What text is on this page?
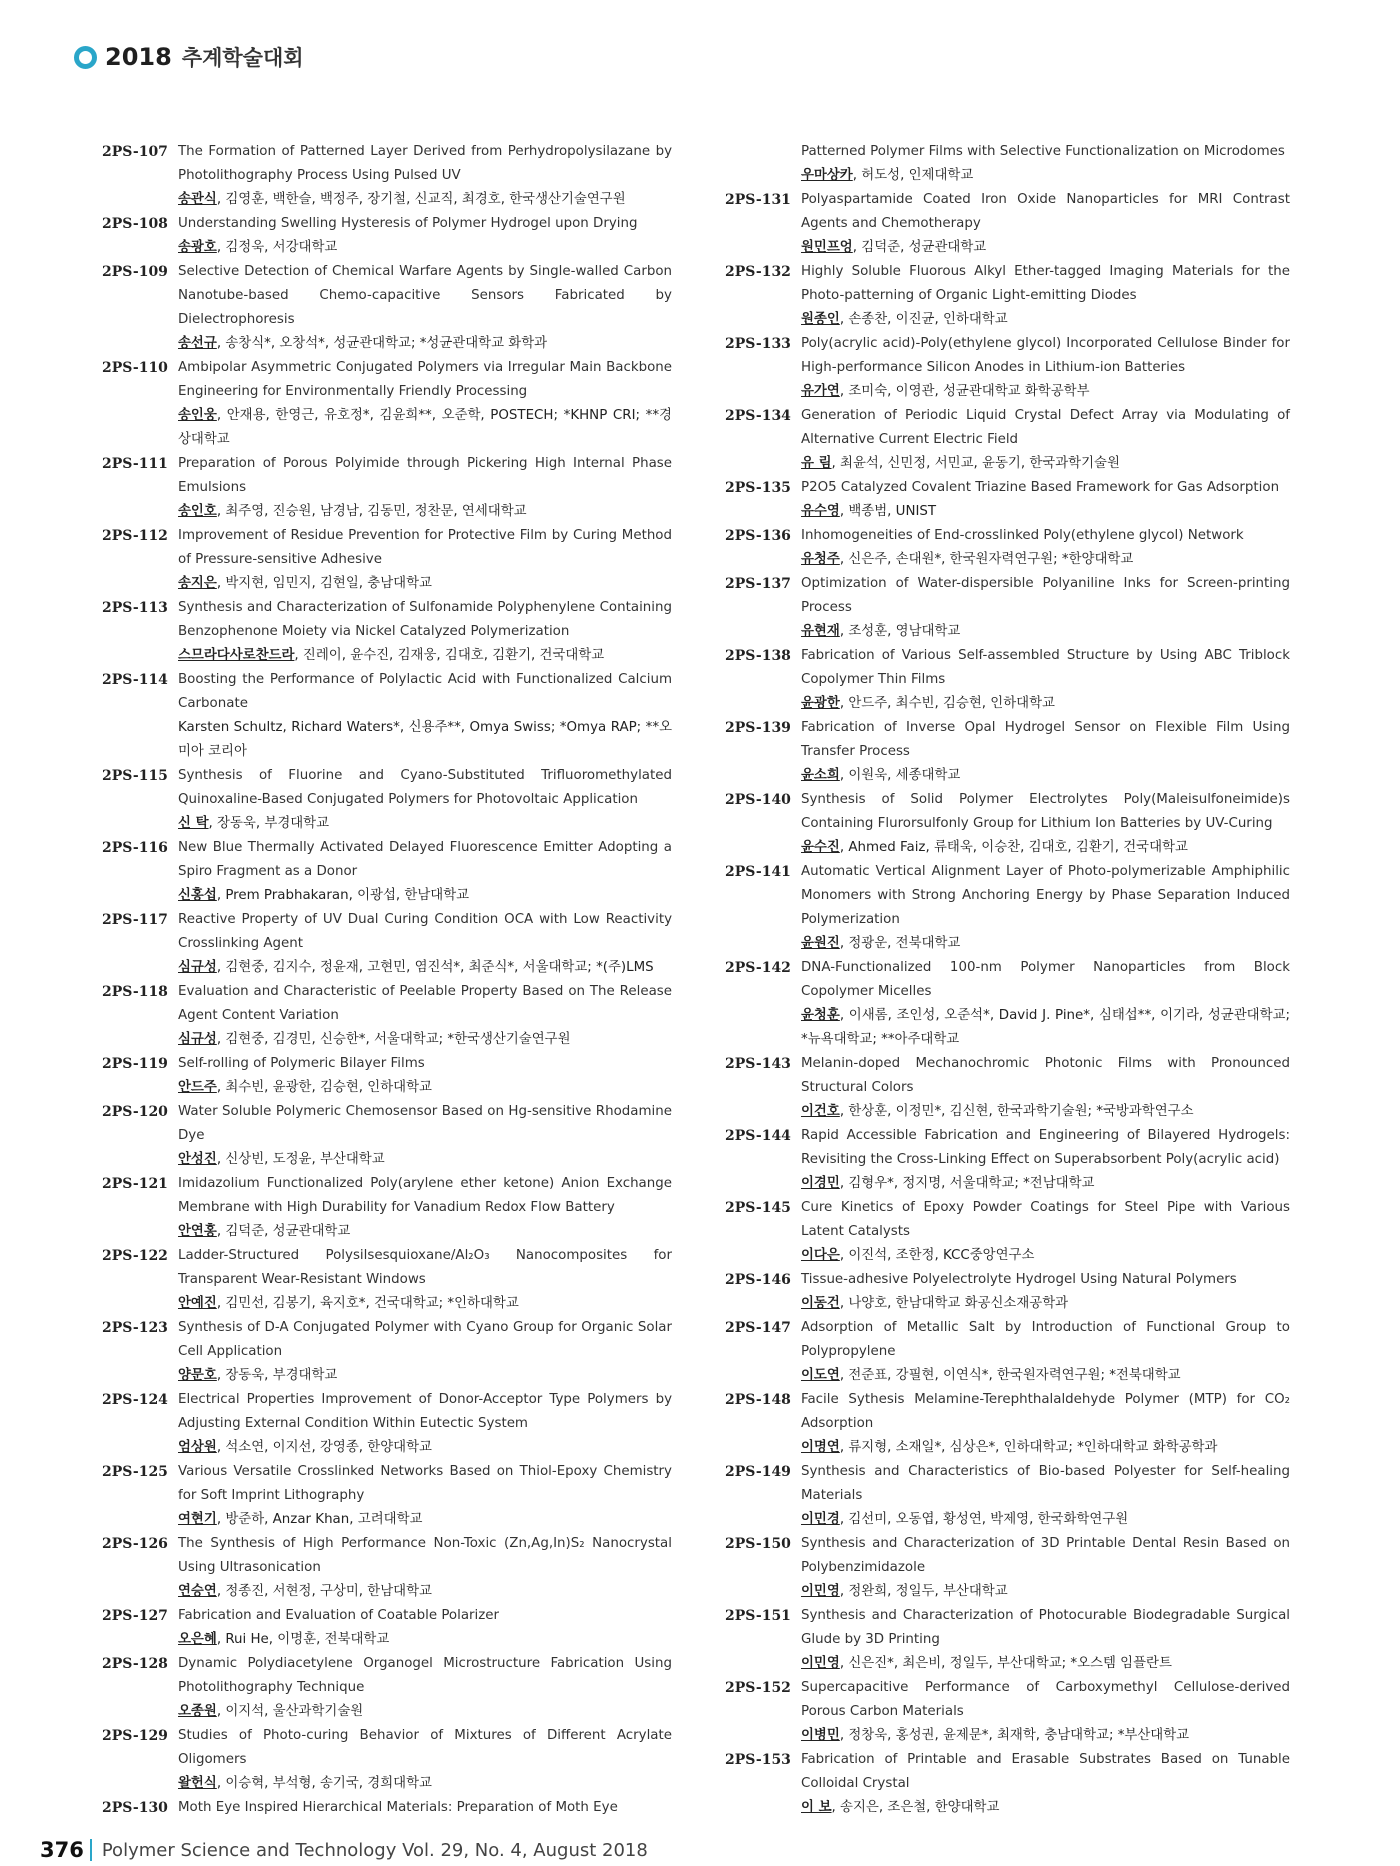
2018 추계학술대회
2PS-107 The Formation of Patterned Layer Derived from Perhydropolysilazane by Photolithography Process Using Pulsed UV
송관식, 김영훈, 백한슬, 백정주, 장기철, 신교직, 최경호, 한국생산기술연구원
2PS-108 Understanding Swelling Hysteresis of Polymer Hydrogel upon Drying
송광호, 김정욱, 서강대학교
2PS-109 Selective Detection of Chemical Warfare Agents by Single-walled Carbon Nanotube-based Chemo-capacitive Sensors Fabricated by Dielectrophoresis
송선규, 송창식*, 오창석*, 성균관대학교; *성균관대학교 화학과
2PS-110 Ambipolar Asymmetric Conjugated Polymers via Irregular Main Backbone Engineering for Environmentally Friendly Processing
송인웅, 안재용, 한영근, 유호정*, 김윤희**, 오준학, POSTECH; *KHNP CRI; **경상대학교
2PS-111 Preparation of Porous Polyimide through Pickering High Internal Phase Emulsions
송인호, 최주영, 진승원, 남경남, 김동민, 정찬문, 연세대학교
2PS-112 Improvement of Residue Prevention for Protective Film by Curing Method of Pressure-sensitive Adhesive
송지은, 박지현, 임민지, 김현일, 충남대학교
2PS-113 Synthesis and Characterization of Sulfonamide Polyphenylene Containing Benzophenone Moiety via Nickel Catalyzed Polymerization
스므라다사로찬드라, 진레이, 윤수진, 김재웅, 김대호, 김환기, 건국대학교
2PS-114 Boosting the Performance of Polylactic Acid with Functionalized Calcium Carbonate
Karsten Schultz, Richard Waters*, 신용주**, Omya Swiss; *Omya RAP; **오미아 코리아
2PS-115 Synthesis of Fluorine and Cyano-Substituted Trifluoromethylated Quinoxaline-Based Conjugated Polymers for Photovoltaic Application
신 탁, 장동욱, 부경대학교
2PS-116 New Blue Thermally Activated Delayed Fluorescence Emitter Adopting a Spiro Fragment as a Donor
신홍섭, Prem Prabhakaran, 이광섭, 한남대학교
2PS-117 Reactive Property of UV Dual Curing Condition OCA with Low Reactivity Crosslinking Agent
심규성, 김현중, 김지수, 정윤재, 고현민, 염진석*, 최준식*, 서울대학교; *(주)LMS
2PS-118 Evaluation and Characteristic of Peelable Property Based on The Release Agent Content Variation
심규성, 김현중, 김경민, 신승한*, 서울대학교; *한국생산기술연구원
2PS-119 Self-rolling of Polymeric Bilayer Films
안드주, 최수빈, 윤광한, 김승현, 인하대학교
2PS-120 Water Soluble Polymeric Chemosensor Based on Hg-sensitive Rhodamine Dye
안성진, 신상빈, 도정윤, 부산대학교
2PS-121 Imidazolium Functionalized Poly(arylene ether ketone) Anion Exchange Membrane with High Durability for Vanadium Redox Flow Battery
안연홍, 김덕준, 성균관대학교
2PS-122 Ladder-Structured Polysilsesquioxane/Al₂O₃ Nanocomposites for Transparent Wear-Resistant Windows
안예진, 김민선, 김봉기, 육지호*, 건국대학교; *인하대학교
2PS-123 Synthesis of D-A Conjugated Polymer with Cyano Group for Organic Solar Cell Application
양문호, 장동욱, 부경대학교
2PS-124 Electrical Properties Improvement of Donor-Acceptor Type Polymers by Adjusting External Condition Within Eutectic System
엄상원, 석소연, 이지선, 강영종, 한양대학교
2PS-125 Various Versatile Crosslinked Networks Based on Thiol-Epoxy Chemistry for Soft Imprint Lithography
여현기, 방준하, Anzar Khan, 고려대학교
2PS-126 The Synthesis of High Performance Non-Toxic (Zn,Ag,In)S₂ Nanocrystal Using Ultrasonication
연승연, 정종진, 서현정, 구상미, 한남대학교
2PS-127 Fabrication and Evaluation of Coatable Polarizer
오은혜, Rui He, 이명훈, 전북대학교
2PS-128 Dynamic Polydiacetylene Organogel Microstructure Fabrication Using Photolithography Technique
오종원, 이지석, 울산과학기술원
2PS-129 Studies of Photo-curing Behavior of Mixtures of Different Acrylate Oligomers
왈헌식, 이승혁, 부석형, 송기국, 경희대학교
2PS-130 Moth Eye Inspired Hierarchical Materials: Preparation of Moth Eye
Patterned Polymer Films with Selective Functionalization on Microdomes
우마상카, 허도성, 인제대학교
2PS-131 Polyaspartamide Coated Iron Oxide Nanoparticles for MRI Contrast Agents and Chemotherapy
원민프엉, 김덕준, 성균관대학교
2PS-132 Highly Soluble Fluorous Alkyl Ether-tagged Imaging Materials for the Photo-patterning of Organic Light-emitting Diodes
원종인, 손종찬, 이진균, 인하대학교
2PS-133 Poly(acrylic acid)-Poly(ethylene glycol) Incorporated Cellulose Binder for High-performance Silicon Anodes in Lithium-ion Batteries
유가연, 조미숙, 이영관, 성균관대학교 화학공학부
2PS-134 Generation of Periodic Liquid Crystal Defect Array via Modulating of Alternative Current Electric Field
유 림, 최윤석, 신민정, 서민교, 윤동기, 한국과학기술원
2PS-135 P2O5 Catalyzed Covalent Triazine Based Framework for Gas Adsorption
유수영, 백종범, UNIST
2PS-136 Inhomogeneities of End-crosslinked Poly(ethylene glycol) Network
유청주, 신은주, 손대원*, 한국원자력연구원; *한양대학교
2PS-137 Optimization of Water-dispersible Polyaniline Inks for Screen-printing Process
유현재, 조성훈, 영남대학교
2PS-138 Fabrication of Various Self-assembled Structure by Using ABC Triblock Copolymer Thin Films
윤광한, 안드주, 최수빈, 김승현, 인하대학교
2PS-139 Fabrication of Inverse Opal Hydrogel Sensor on Flexible Film Using Transfer Process
윤소희, 이원욱, 세종대학교
2PS-140 Synthesis of Solid Polymer Electrolytes Poly(Maleisulfoneimide)s Containing Flurorsulfonly Group for Lithium Ion Batteries by UV-Curing
윤수진, Ahmed Faiz, 류태욱, 이승찬, 김대호, 김환기, 건국대학교
2PS-141 Automatic Vertical Alignment Layer of Photo-polymerizable Amphiphilic Monomers with Strong Anchoring Energy by Phase Separation Induced Polymerization
윤원진, 정광운, 전북대학교
2PS-142 DNA-Functionalized 100-nm Polymer Nanoparticles from Block Copolymer Micelles
윤청훈, 이새롬, 조인성, 오준석*, David J. Pine*, 심태섭**, 이기라, 성균관대학교; *뉴욕대학교; **아주대학교
2PS-143 Melanin-doped Mechanochromic Photonic Films with Pronounced Structural Colors
이건호, 한상훈, 이정민*, 김신현, 한국과학기술원; *국방과학연구소
2PS-144 Rapid Accessible Fabrication and Engineering of Bilayered Hydrogels: Revisiting the Cross-Linking Effect on Superabsorbent Poly(acrylic acid)
이경민, 김형우*, 정지명, 서울대학교; *전남대학교
2PS-145 Cure Kinetics of Epoxy Powder Coatings for Steel Pipe with Various Latent Catalysts
이다은, 이진석, 조한정, KCC중앙연구소
2PS-146 Tissue-adhesive Polyelectrolyte Hydrogel Using Natural Polymers
이동건, 나양호, 한남대학교 화공신소재공학과
2PS-147 Adsorption of Metallic Salt by Introduction of Functional Group to Polypropylene
이도연, 전준표, 강필현, 이연식*, 한국원자력연구원; *전북대학교
2PS-148 Facile Sythesis Melamine-Terephthalaldehyde Polymer (MTP) for CO₂ Adsorption
이명연, 류지형, 소재일*, 심상은*, 인하대학교; *인하대학교 화학공학과
2PS-149 Synthesis and Characteristics of Bio-based Polyester for Self-healing Materials
이민경, 김선미, 오동엽, 황성연, 박제영, 한국화학연구원
2PS-150 Synthesis and Characterization of 3D Printable Dental Resin Based on Polybenzimidazole
이민영, 정완희, 정일두, 부산대학교
2PS-151 Synthesis and Characterization of Photocurable Biodegradable Surgical Glude by 3D Printing
이민영, 신은진*, 최은비, 정일두, 부산대학교; *오스템 임플란트
2PS-152 Supercapacitive Performance of Carboxymethyl Cellulose-derived Porous Carbon Materials
이병민, 정창욱, 홍성권, 윤제문*, 최재학, 충남대학교; *부산대학교
2PS-153 Fabrication of Printable and Erasable Substrates Based on Tunable Colloidal Crystal
이 보, 송지은, 조은철, 한양대학교
376 Polymer Science and Technology Vol. 29, No. 4, August 2018
